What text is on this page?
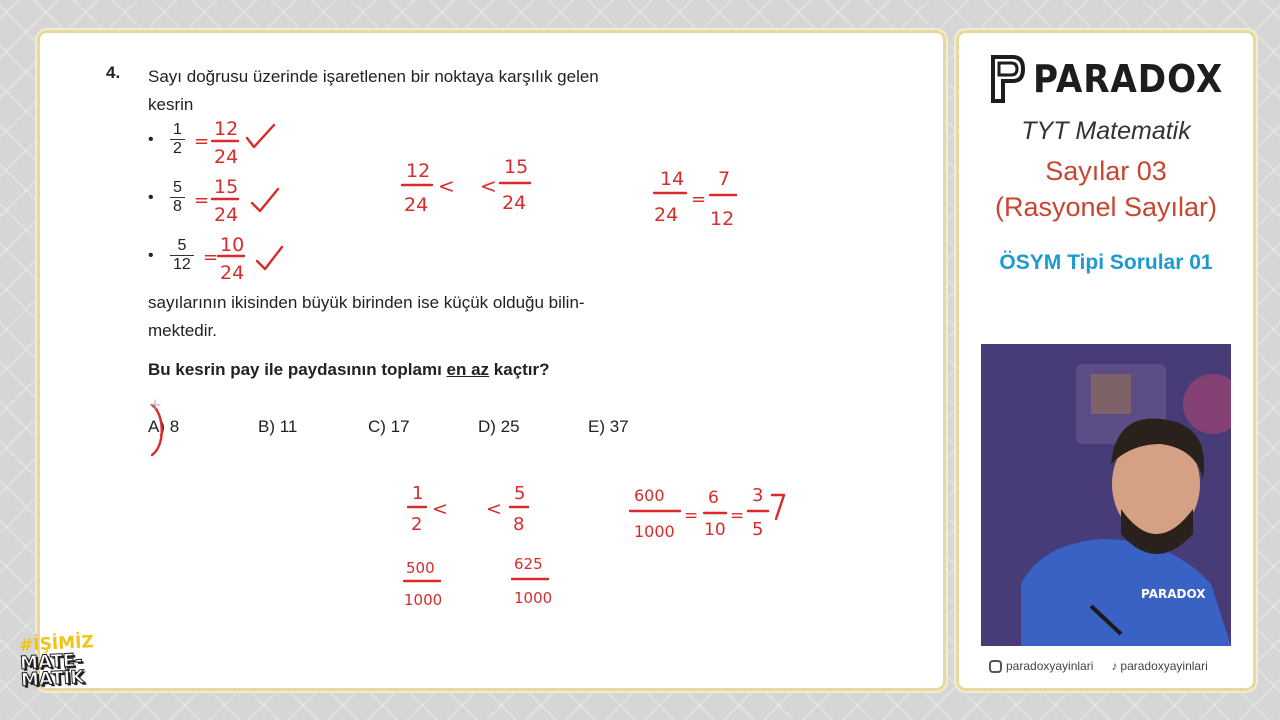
4. Sayı doğrusu üzerinde işaretlenen bir noktaya karşılık gelen kesrin
•	$\frac{1}{2}$
•	$\frac{5}{8}$
•	$\frac{5}{12}$
sayılarının ikisinden büyük birinden ise küçük olduğu bilin-mektedir.
Bu kesrin pay ile paydasının toplamı en az kaçtır?
A) 8	B) 11	C) 17	D) 25	E) 37
=
12
24
=
15
24
=
10
24
12
24
< <
15
24
14
24
=
7
12
1
2
< <
5
8
500
1000
625
1000
600
1000
=
6
10
=
3
5
PARADOX
TYT Matematik
Sayılar 03
(Rasyonel Sayılar)
ÖSYM Tipi Sorular 01
PARADOX
paradoxyayinlari ♪ paradoxyayinlari
#İŞİMİZ
MATE-
MATİK
